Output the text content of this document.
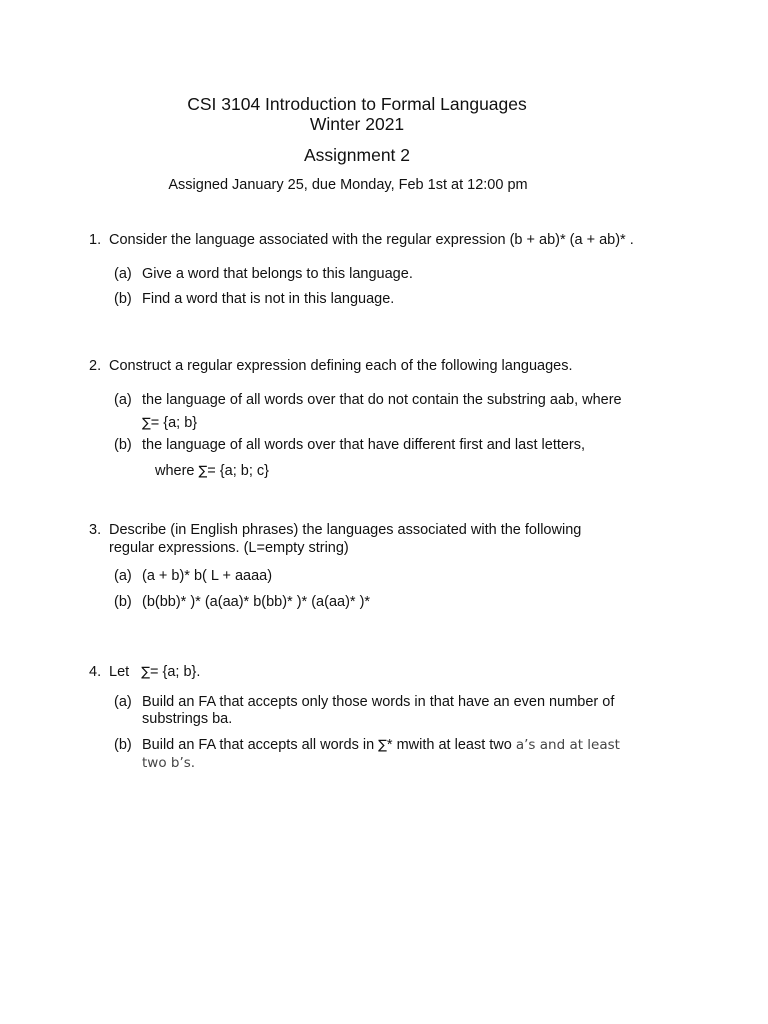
CSI 3104 Introduction to Formal Languages
Winter 2021
Assignment 2
Assigned January 25, due Monday, Feb 1st at 12:00 pm
1. Consider the language associated with the regular expression (b + ab)* (a + ab)* .
(a) Give a word that belongs to this language.
(b) Find a word that is not in this language.
2. Construct a regular expression defining each of the following languages.
(a) the language of all words over that do not contain the substring aab, where
∑= {a; b}
(b) the language of all words over that have different first and last letters,
where ∑= {a; b; c}
3. Describe (in English phrases) the languages associated with the following
regular expressions. (L=empty string)
(a) (a + b)* b( L + aaaa)
(b) (b(bb)* )* (a(aa)* b(bb)* )* (a(aa)* )*
4. Let ∑= {a; b}.
(a) Build an FA that accepts only those words in that have an even number of
substrings ba.
(b) Build an FA that accepts all words in ∑* mwith at least two a’s and at least
two b’s.
